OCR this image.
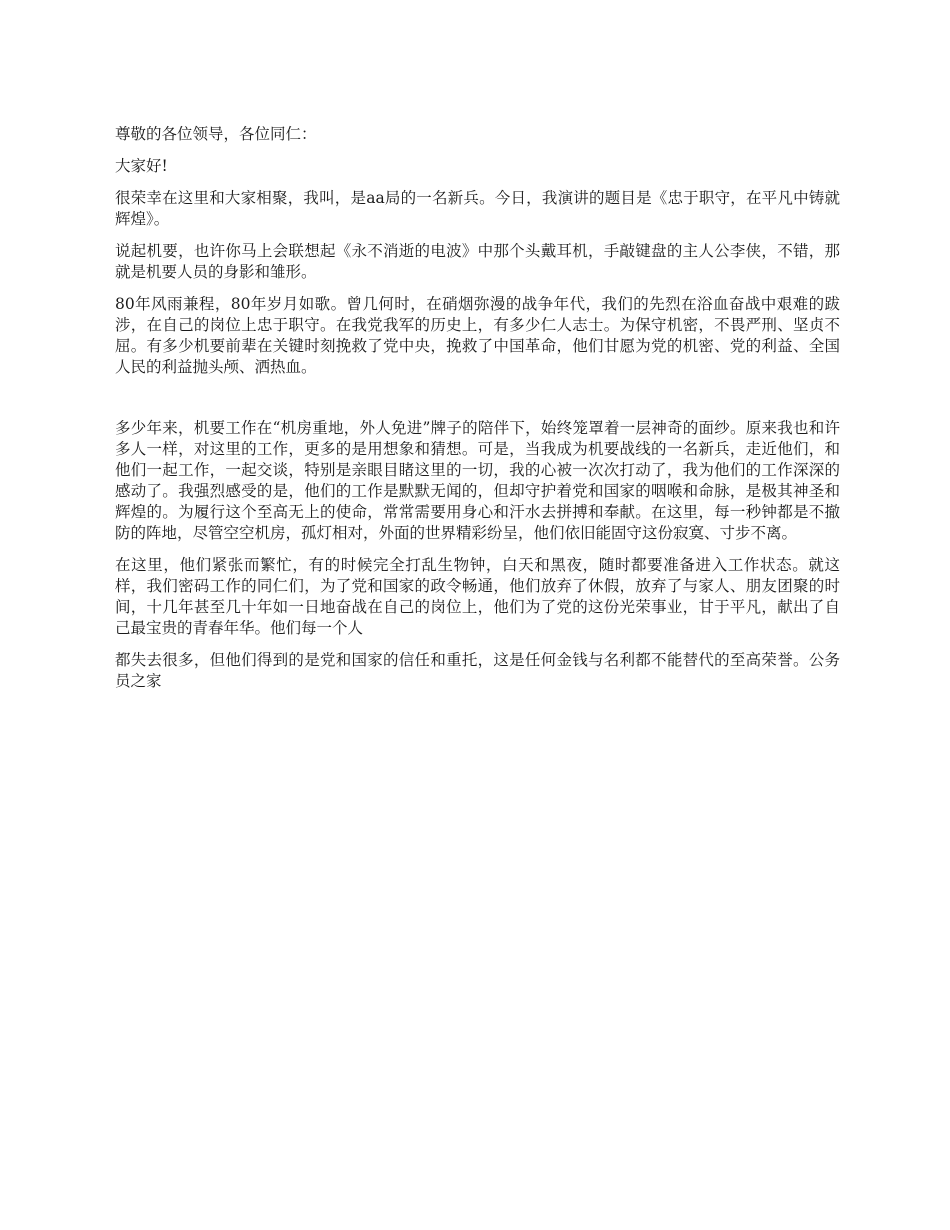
尊敬的各位领导，各位同仁：

大家好!

很荣幸在这里和大家相聚，我叫，是aa局的一名新兵。今日，我演讲的题目是《忠于职守，在平凡中铸就辉煌》。

说起机要，也许你马上会联想起《永不消逝的电波》中那个头戴耳机，手敲键盘的主人公李侠，不错，那就是机要人员的身影和雏形。

80年风雨兼程，80年岁月如歌。曾几何时，在硝烟弥漫的战争年代，我们的先烈在浴血奋战中艰难的跋涉，在自己的岗位上忠于职守。在我党我军的历史上，有多少仁人志士。为保守机密，不畏严刑、坚贞不屈。有多少机要前辈在关键时刻挽救了党中央，挽救了中国革命，他们甘愿为党的机密、党的利益、全国人民的利益抛头颅、洒热血。

多少年来，机要工作在“机房重地，外人免进”牌子的陪伴下，始终笼罩着一层神奇的面纱。原来我也和许多人一样，对这里的工作，更多的是用想象和猜想。可是，当我成为机要战线的一名新兵，走近他们，和他们一起工作，一起交谈，特别是亲眼目睹这里的一切，我的心被一次次打动了，我为他们的工作深深的感动了。我强烈感受的是，他们的工作是默默无闻的，但却守护着党和国家的咽喉和命脉，是极其神圣和辉煌的。为履行这个至高无上的使命，常常需要用身心和汗水去拼搏和奉献。在这里，每一秒钟都是不撤防的阵地，尽管空空机房，孤灯相对，外面的世界精彩纷呈，他们依旧能固守这份寂寞、寸步不离。

在这里，他们紧张而繁忙，有的时候完全打乱生物钟，白天和黑夜，随时都要准备进入工作状态。就这样，我们密码工作的同仁们，为了党和国家的政令畅通，他们放弃了休假，放弃了与家人、朋友团聚的时间，十几年甚至几十年如一日地奋战在自己的岗位上，他们为了党的这份光荣事业，甘于平凡，献出了自己最宝贵的青春年华。他们每一个人

都失去很多，但他们得到的是党和国家的信任和重托，这是任何金钱与名利都不能替代的至高荣誉。公务员之家
